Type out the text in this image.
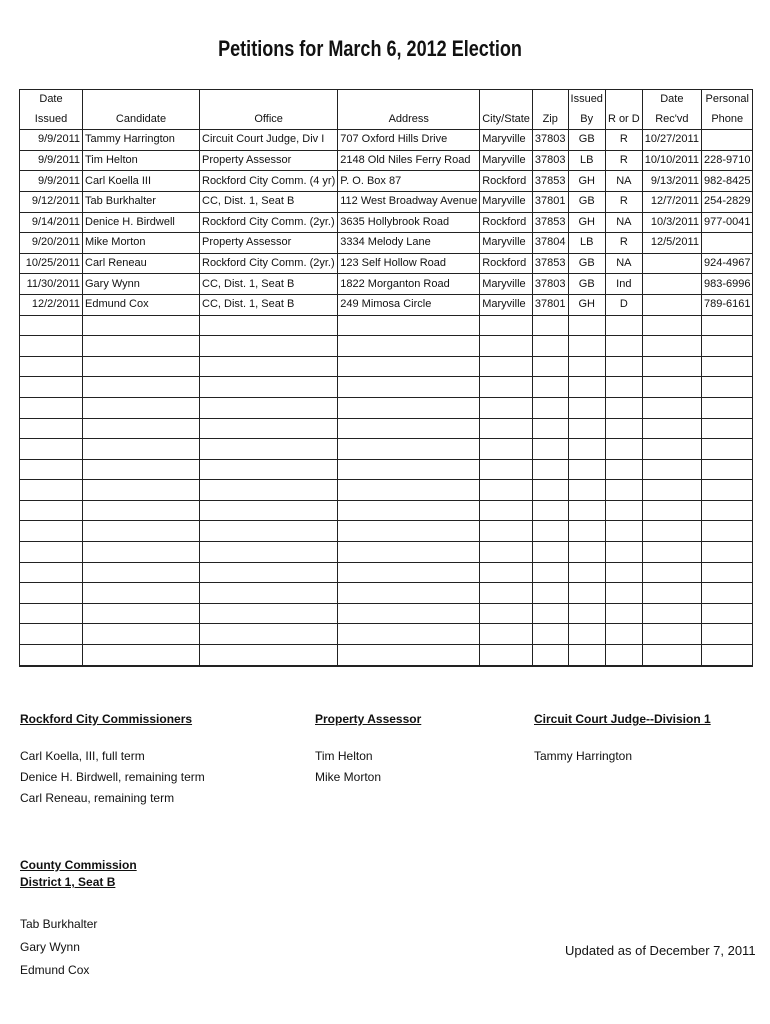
Petitions for March 6, 2012 Election
Date						Issued		Date	Personal
Issued	Candidate	Office	Address	City/State	Zip	By	R or D	Rec'vd	Phone
9/9/2011	Tammy Harrington	Circuit Court Judge, Div I	707 Oxford Hills Drive	Maryville	37803	GB	R	10/27/2011	
9/9/2011	Tim Helton	Property Assessor	2148 Old Niles Ferry Road	Maryville	37803	LB	R	10/10/2011	228-9710
9/9/2011	Carl Koella III	Rockford City Comm. (4 yr)	P. O. Box 87	Rockford	37853	GH	NA	9/13/2011	982-8425
9/12/2011	Tab Burkhalter	CC, Dist. 1, Seat B	112 West Broadway Avenue	Maryville	37801	GB	R	12/7/2011	254-2829
9/14/2011	Denice H. Birdwell	Rockford City Comm. (2yr.)	3635 Hollybrook Road	Rockford	37853	GH	NA	10/3/2011	977-0041
9/20/2011	Mike Morton	Property Assessor	3334 Melody Lane	Maryville	37804	LB	R	12/5/2011	
10/25/2011	Carl Reneau	Rockford City Comm. (2yr.)	123 Self Hollow Road	Rockford	37853	GB	NA		924-4967
11/30/2011	Gary Wynn	CC, Dist. 1, Seat B	1822 Morganton Road	Maryville	37803	GB	Ind		983-6996
12/2/2011	Edmund Cox	CC, Dist. 1, Seat B	249 Mimosa Circle	Maryville	37801	GH	D		789-6161

Rockford City Commissioners

Carl Koella, III, full term

Denice H. Birdwell, remaining term

Carl Reneau, remaining term

Property Assessor

Tim Helton

Mike Morton

Circuit Court Judge--Division 1

Tammy Harrington

County Commission
District 1, Seat B

Tab Burkhalter

Gary Wynn

Edmund Cox

Updated as of December 7, 2011
